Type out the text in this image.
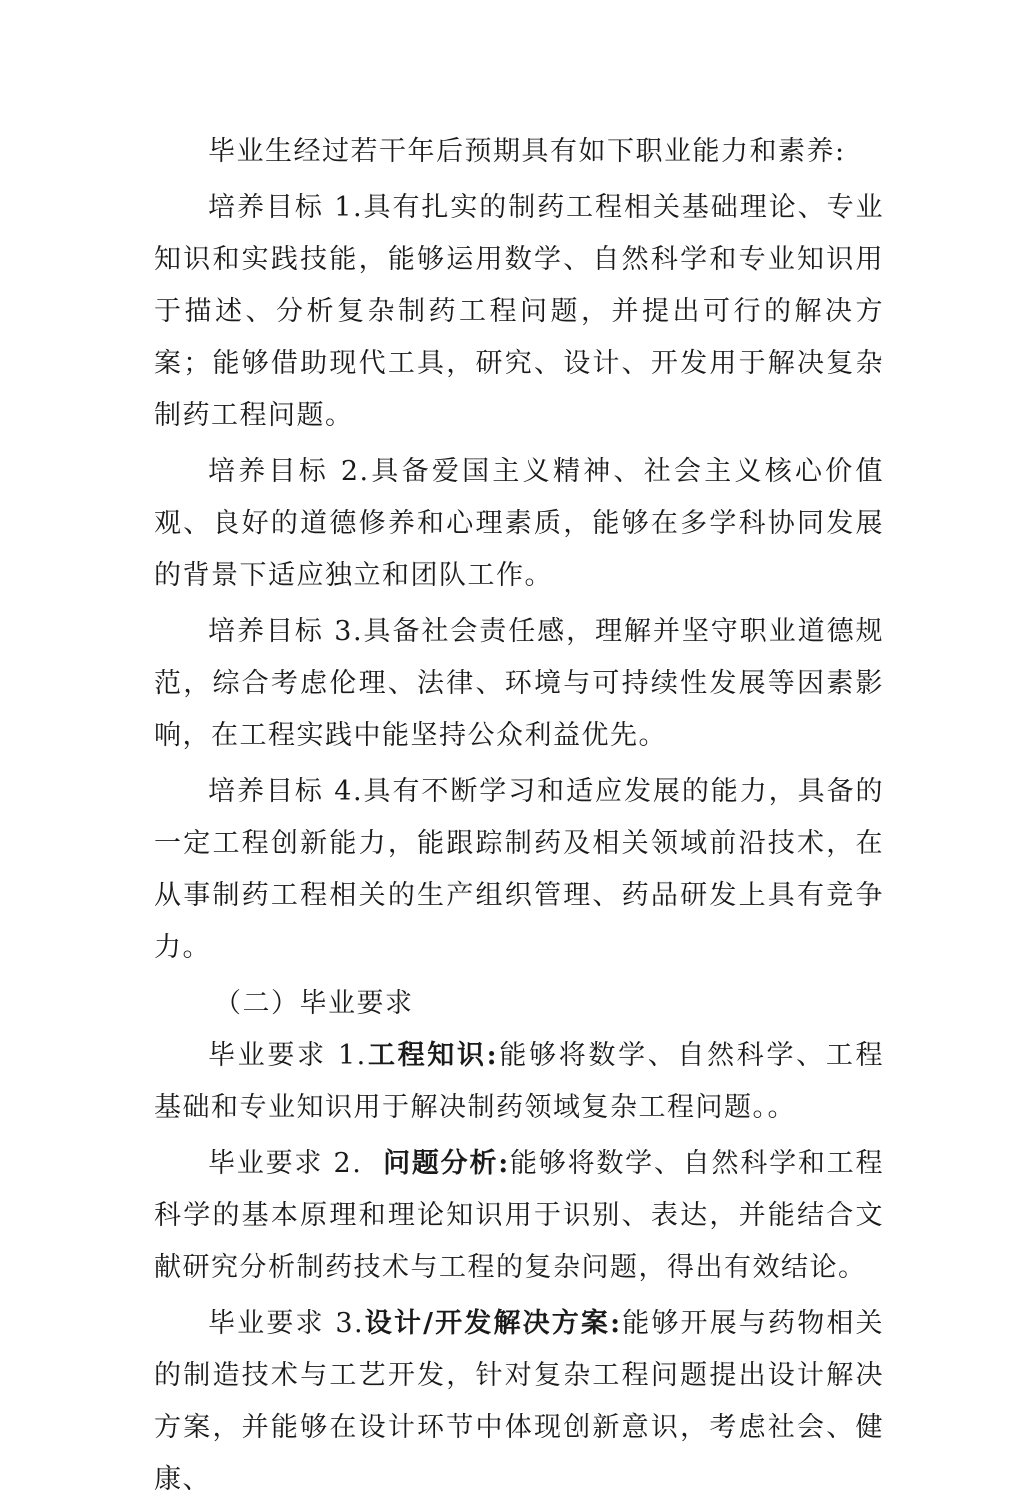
毕业生经过若干年后预期具有如下职业能力和素养:

培养目标 1.具有扎实的制药工程相关基础理论、专业知识和实践技能，能够运用数学、自然科学和专业知识用于描述、分析复杂制药工程问题，并提出可行的解决方案；能够借助现代工具，研究、设计、开发用于解决复杂制药工程问题。

培养目标 2.具备爱国主义精神、社会主义核心价值观、良好的道德修养和心理素质，能够在多学科协同发展的背景下适应独立和团队工作。

培养目标 3.具备社会责任感，理解并坚守职业道德规范，综合考虑伦理、法律、环境与可持续性发展等因素影响，在工程实践中能坚持公众利益优先。

培养目标 4.具有不断学习和适应发展的能力，具备的一定工程创新能力，能跟踪制药及相关领域前沿技术，在从事制药工程相关的生产组织管理、药品研发上具有竞争力。

（二）毕业要求

毕业要求 1.工程知识:能够将数学、自然科学、工程基础和专业知识用于解决制药领域复杂工程问题。。

毕业要求 2. 问题分析:能够将数学、自然科学和工程科学的基本原理和理论知识用于识别、表达，并能结合文献研究分析制药技术与工程的复杂问题，得出有效结论。

毕业要求 3.设计/开发解决方案:能够开展与药物相关的制造技术与工艺开发，针对复杂工程问题提出设计解决方案，并能够在设计环节中体现创新意识，考虑社会、健康、
